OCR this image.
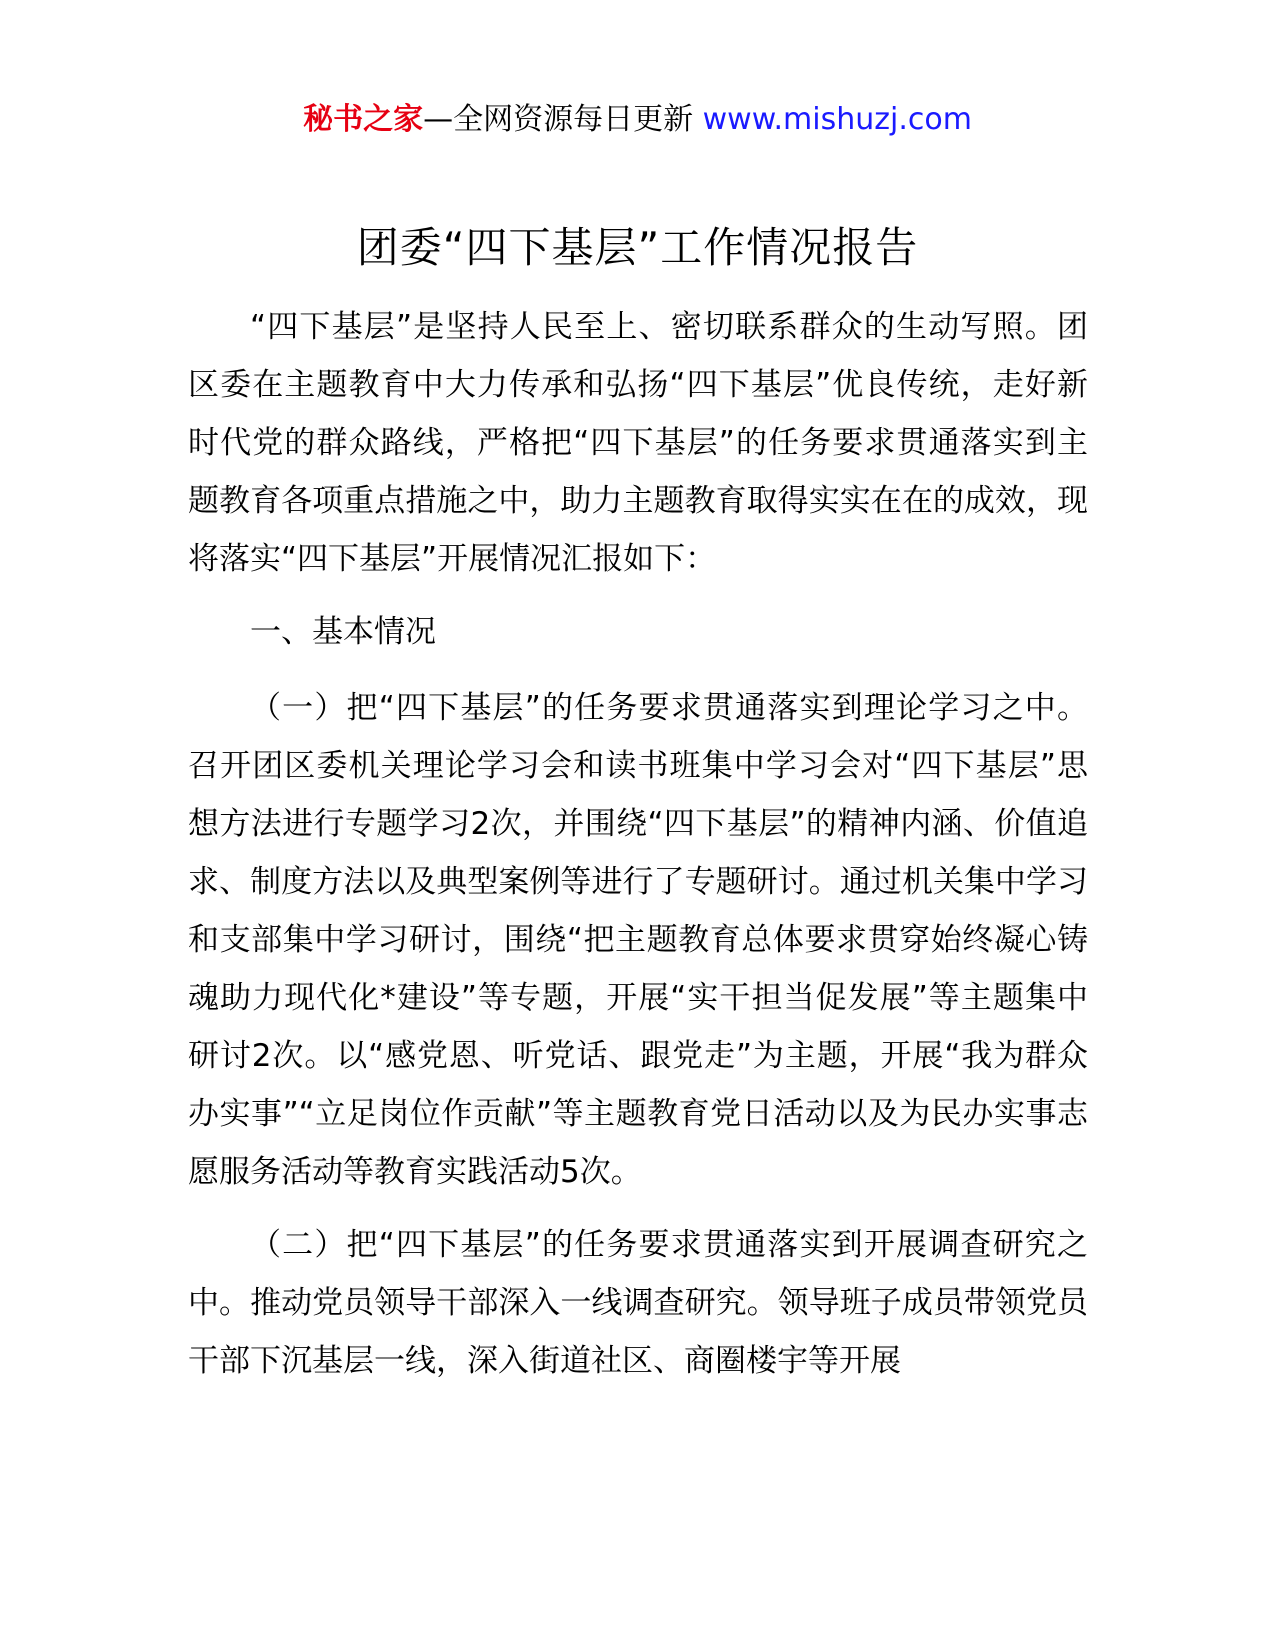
秘书之家—全网资源每日更新 www.mishuzj.com
团委“四下基层”工作情况报告

“四下基层”是坚持人民至上、密切联系群众的生动写照。团区委在主题教育中大力传承和弘扬“四下基层”优良传统，走好新时代党的群众路线，严格把“四下基层”的任务要求贯通落实到主题教育各项重点措施之中，助力主题教育取得实实在在的成效，现将落实“四下基层”开展情况汇报如下：

一、基本情况

（一）把“四下基层”的任务要求贯通落实到理论学习之中。召开团区委机关理论学习会和读书班集中学习会对“四下基层”思想方法进行专题学习2次，并围绕“四下基层”的精神内涵、价值追求、制度方法以及典型案例等进行了专题研讨。通过机关集中学习和支部集中学习研讨，围绕“把主题教育总体要求贯穿始终凝心铸魂助力现代化*建设”等专题，开展“实干担当促发展”等主题集中研讨2次。以“感党恩、听党话、跟党走”为主题，开展“我为群众办实事”“立足岗位作贡献”等主题教育党日活动以及为民办实事志愿服务活动等教育实践活动5次。

（二）把“四下基层”的任务要求贯通落实到开展调查研究之中。推动党员领导干部深入一线调查研究。领导班子成员带领党员干部下沉基层一线，深入街道社区、商圈楼宇等开展
